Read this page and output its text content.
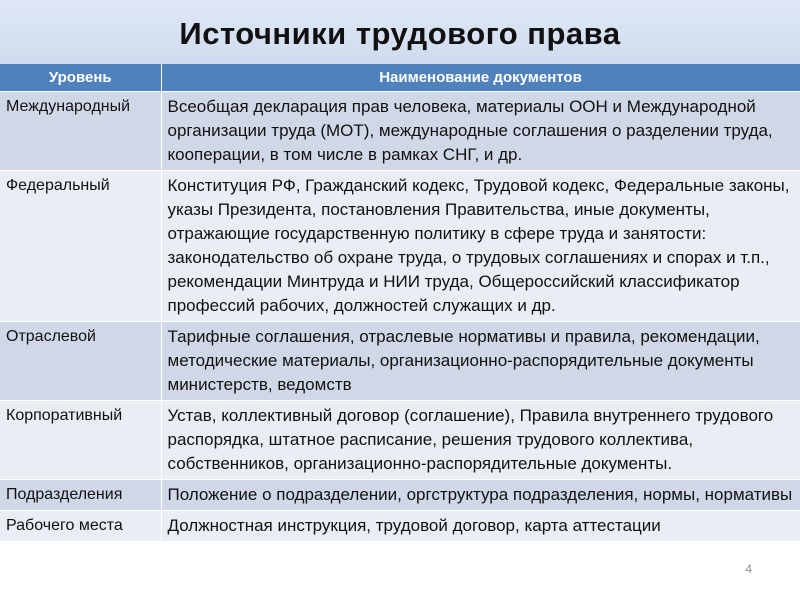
Источники трудового права
Уровень	Наименование документов
Международный	Всеобщая декларация прав человека, материалы ООН и Международной организации труда (МОТ), международные соглашения о разделении труда, кооперации, в том числе в рамках СНГ, и др.
Федеральный	Конституция РФ, Гражданский кодекс, Трудовой кодекс, Федеральные законы, указы Президента, постановления Правительства, иные документы, отражающие государственную политику в сфере труда и занятости: законодательство об охране труда, о трудовых соглашениях и спорах и т.п., рекомендации Минтруда и НИИ труда, Общероссийский классификатор профессий рабочих, должностей служащих и др.
Отраслевой	Тарифные соглашения, отраслевые нормативы и правила, рекомендации, методические материалы, организационно-распорядительные документы министерств, ведомств
Корпоративный	Устав, коллективный договор (соглашение), Правила внутреннего трудового распорядка, штатное расписание, решения трудового коллектива, собственников, организационно-распорядительные документы.
Подразделения	Положение о подразделении, оргструктура подразделения, нормы, нормативы
Рабочего места	Должностная инструкция, трудовой договор, карта аттестации
4
